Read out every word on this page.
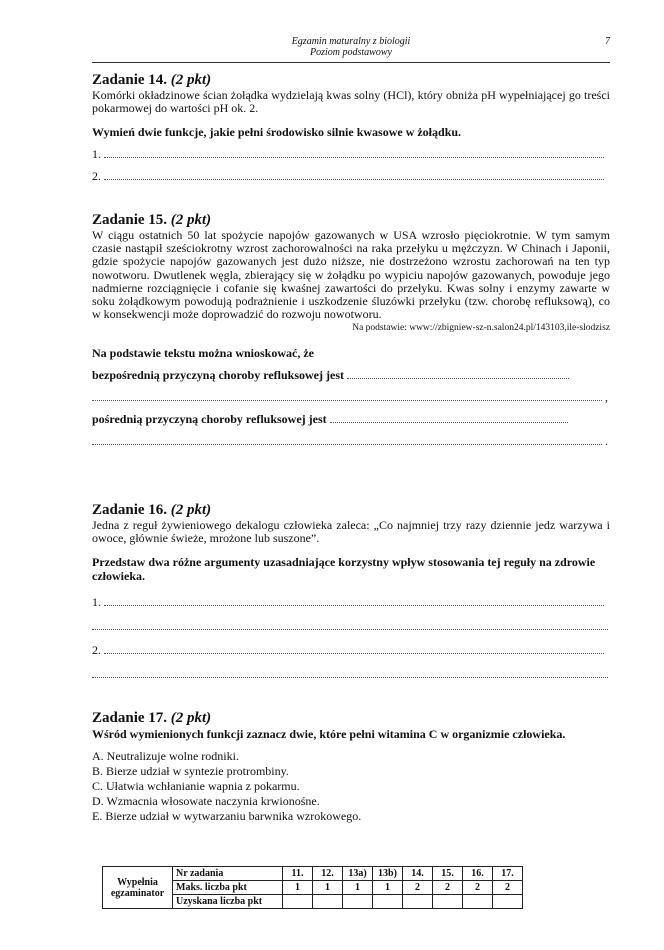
Egzamin maturalny z biologii
Poziom podstawowy
7
Zadanie 14. (2 pkt)
Komórki okładzinowe ścian żołądka wydzielają kwas solny (HCl), który obniża pH wypełniającej go treści pokarmowej do wartości pH ok. 2.
Wymień dwie funkcje, jakie pełni środowisko silnie kwasowe w żołądku.
1.
2.
Zadanie 15. (2 pkt)
W ciągu ostatnich 50 lat spożycie napojów gazowanych w USA wzrosło pięciokrotnie. W tym samym czasie nastąpił sześciokrotny wzrost zachorowalności na raka przełyku u mężczyzn. W Chinach i Japonii, gdzie spożycie napojów gazowanych jest dużo niższe, nie dostrzeżono wzrostu zachorowań na ten typ nowotworu. Dwutlenek węgla, zbierający się w żołądku po wypiciu napojów gazowanych, powoduje jego nadmierne rozciągnięcie i cofanie się kwaśnej zawartości do przełyku. Kwas solny i enzymy zawarte w soku żołądkowym powodują podrażnienie i uszkodzenie śluzówki przełyku (tzw. chorobę refluksową), co w konsekwencji może doprowadzić do rozwoju nowotworu.
Na podstawie: www://zbigniew-sz-n.salon24.pl/143103,ile-slodzisz
Na podstawie tekstu można wnioskować, że
bezpośrednią przyczyną choroby refluksowej jest
,
pośrednią przyczyną choroby refluksowej jest
.
Zadanie 16. (2 pkt)
Jedna z reguł żywieniowego dekalogu człowieka zaleca: „Co najmniej trzy razy dziennie jedz warzywa i owoce, głównie świeże, mrożone lub suszone”.
Przedstaw dwa różne argumenty uzasadniające korzystny wpływ stosowania tej reguły na zdrowie człowieka.
1.
2.
Zadanie 17. (2 pkt)
Wśród wymienionych funkcji zaznacz dwie, które pełni witamina C w organizmie człowieka.
A. Neutralizuje wolne rodniki.
B. Bierze udział w syntezie protrombiny.
C. Ułatwia wchłanianie wapnia z pokarmu.
D. Wzmacnia włosowate naczynia krwionośne.
E. Bierze udział w wytwarzaniu barwnika wzrokowego.
Wypełnia egzaminator	Nr zadania	11.	12.	13a)	13b)	14.	15.	16.	17.
	Maks. liczba pkt	1	1	1	1	2	2	2	2
	Uzyskana liczba pkt								
